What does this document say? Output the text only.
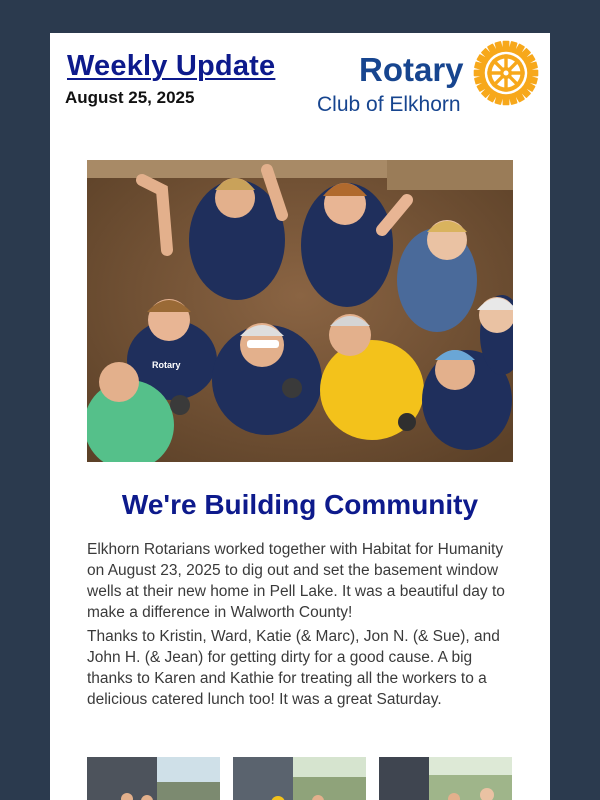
Weekly Update
August 25, 2025
Rotary
Club of Elkhorn
Rotary
We're Building Community

Elkhorn Rotarians worked together with Habitat for Humanity on August 23, 2025 to dig out and set the basement window wells at their new home in Pell Lake. It was a beautiful day to make a difference in Walworth County!

Thanks to Kristin, Ward, Katie (& Marc), Jon N. (& Sue), and John H. (& Jean) for getting dirty for a good cause. A big thanks to Karen and Kathie for treating all the workers to a delicious catered lunch too! It was a great Saturday.
